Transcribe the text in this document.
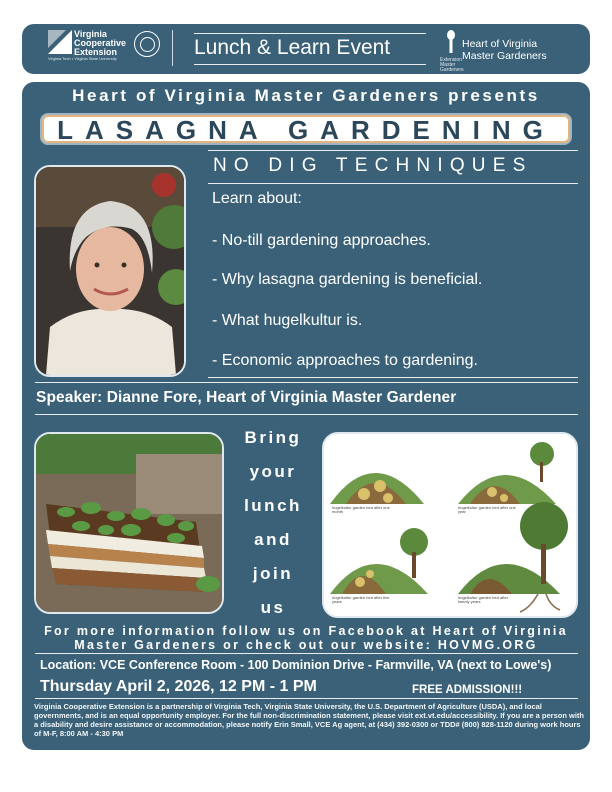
Virginia
Cooperative
Extension
Virginia Tech • Virginia State University	Lunch & Learn Event	Heart of Virginia
Master Gardeners
Extension
Master
Gardeners
Heart of Virginia Master Gardeners presents
LASAGNA GARDENING
NO DIG TECHNIQUES
Learn about:
- No-till gardening approaches.
- Why lasagna gardening is beneficial.
- What hugelkultur is.
- Economic approaches to gardening.
Speaker: Dianne Fore, Heart of Virginia Master Gardener
Bring
your
lunch
and
join
us
hugelkultur garden bed after one month
hugelkultur garden bed after one year
hugelkultur garden bed after five years
hugelkultur garden bed after twenty years
For more information follow us on Facebook at Heart of Virginia
Master Gardeners or check out our website: HOVMG.ORG
Location: VCE Conference Room - 100 Dominion Drive - Farmville, VA (next to Lowe's)
Thursday April 2, 2026, 12 PM - 1 PM	FREE ADMISSION!!!
Virginia Cooperative Extension is a partnership of Virginia Tech, Virginia State University, the U.S. Department of Agriculture (USDA), and local governments, and is an equal opportunity employer. For the full non-discrimination statement, please visit ext.vt.edu/accessibility. If you are a person with a disability and desire assistance or accommodation, please notify Erin Small, VCE Ag agent, at (434) 392-0300 or TDD# (800) 828-1120 during work hours of M-F, 8:00 AM - 4:30 PM
